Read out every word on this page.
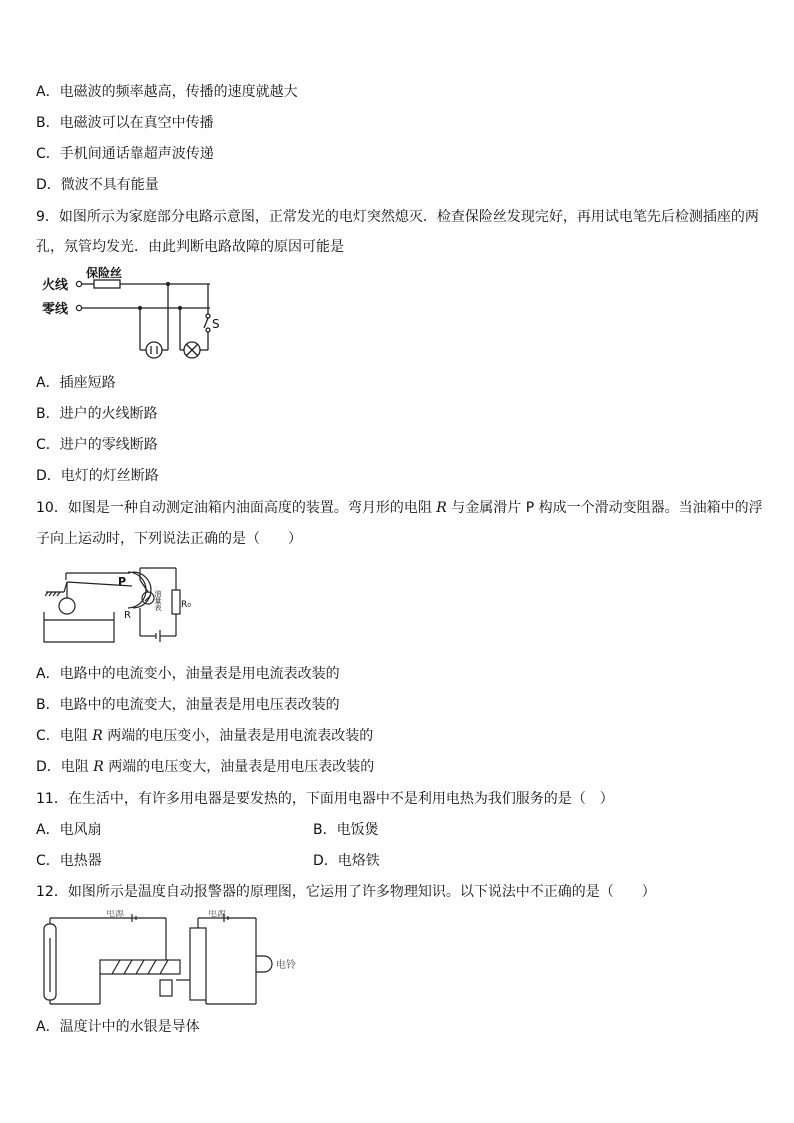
A．电磁波的频率越高，传播的速度就越大
B．电磁波可以在真空中传播
C．手机间通话靠超声波传递
D．微波不具有能量
9．如图所示为家庭部分电路示意图，正常发光的电灯突然熄灭．检查保险丝发现完好，再用试电笔先后检测插座的两
孔，氖管均发光．由此判断电路故障的原因可能是
火线
零线
保险丝
S
A．插座短路
B．进户的火线断路
C．进户的零线断路
D．电灯的灯丝断路
10．如图是一种自动测定油箱内油面高度的装置。弯月形的电阻 R 与金属滑片 P 构成一个滑动变阻器。当油箱中的浮
子向上运动时，下列说法正确的是（　　）
P
R
R₀
油量表
A．电路中的电流变小，油量表是用电流表改装的
B．电路中的电流变大，油量表是用电压表改装的
C．电阻 R 两端的电压变小，油量表是用电流表改装的
D．电阻 R 两端的电压变大，油量表是用电压表改装的
11．在生活中，有许多用电器是要发热的，下面用电器中不是利用电热为我们服务的是（　）
A．电风扇	B．电饭煲
C．电热器	D．电烙铁
12．如图所示是温度自动报警器的原理图，它运用了许多物理知识。以下说法中不正确的是（　　）
电源	电源
电铃
A．温度计中的水银是导体
